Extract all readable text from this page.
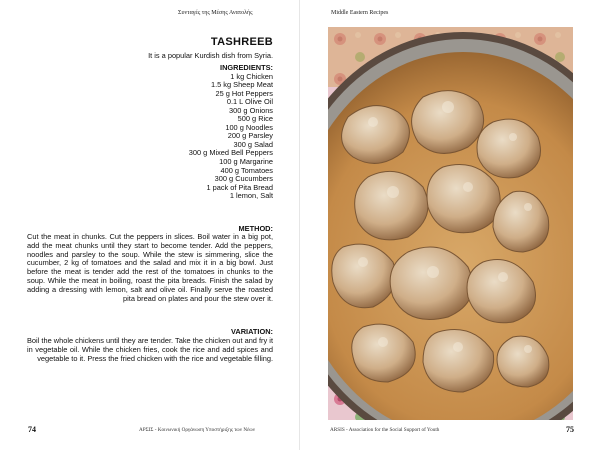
Συνταγές της Μέσης Ανατολής
TASHREEB
It is a popular Kurdish dish from Syria.
INGREDIENTS:
1 kg Chicken
1.5 kg Sheep Meat
25 g Hot Peppers
0.1 L Olive Oil
300 g Onions
500 g Rice
100 g Noodles
200 g Parsley
300 g Salad
300 g Mixed Bell Peppers
100 g Margarine
400 g Tomatoes
300 g Cucumbers
1 pack of Pita Bread
1 lemon, Salt
METHOD:

Cut the meat in chunks. Cut the peppers in slices. Boil water in a big pot, add the meat chunks until they start to become tender. Add the peppers, noodles and parsley to the soup. While the stew is simmering, slice the cucumber, 2 kg of tomatoes and the salad and mix it in a big bowl. Just before the meat is tender add the rest of the tomatoes in chunks to the soup. While the meat in boiling, roast the pita breads. Finish the salad by adding a dressing with lemon, salt and olive oil. Finally serve the roasted pita bread on plates and pour the stew over it.

VARIATION:

Boil the whole chickens until they are tender. Take the chicken out and fry it in vegetable oil. While the chicken fries, cook the rice and add spices and vegetable to it. Press the fried chicken with the rice and vegetable filling.

74	ΑΡΣΙΣ - Κοινωνική Οργάνωση Υποστήριξης των Νέων
Middle Eastern Recipes
ARSIS - Association for the Social Support of Youth	75
